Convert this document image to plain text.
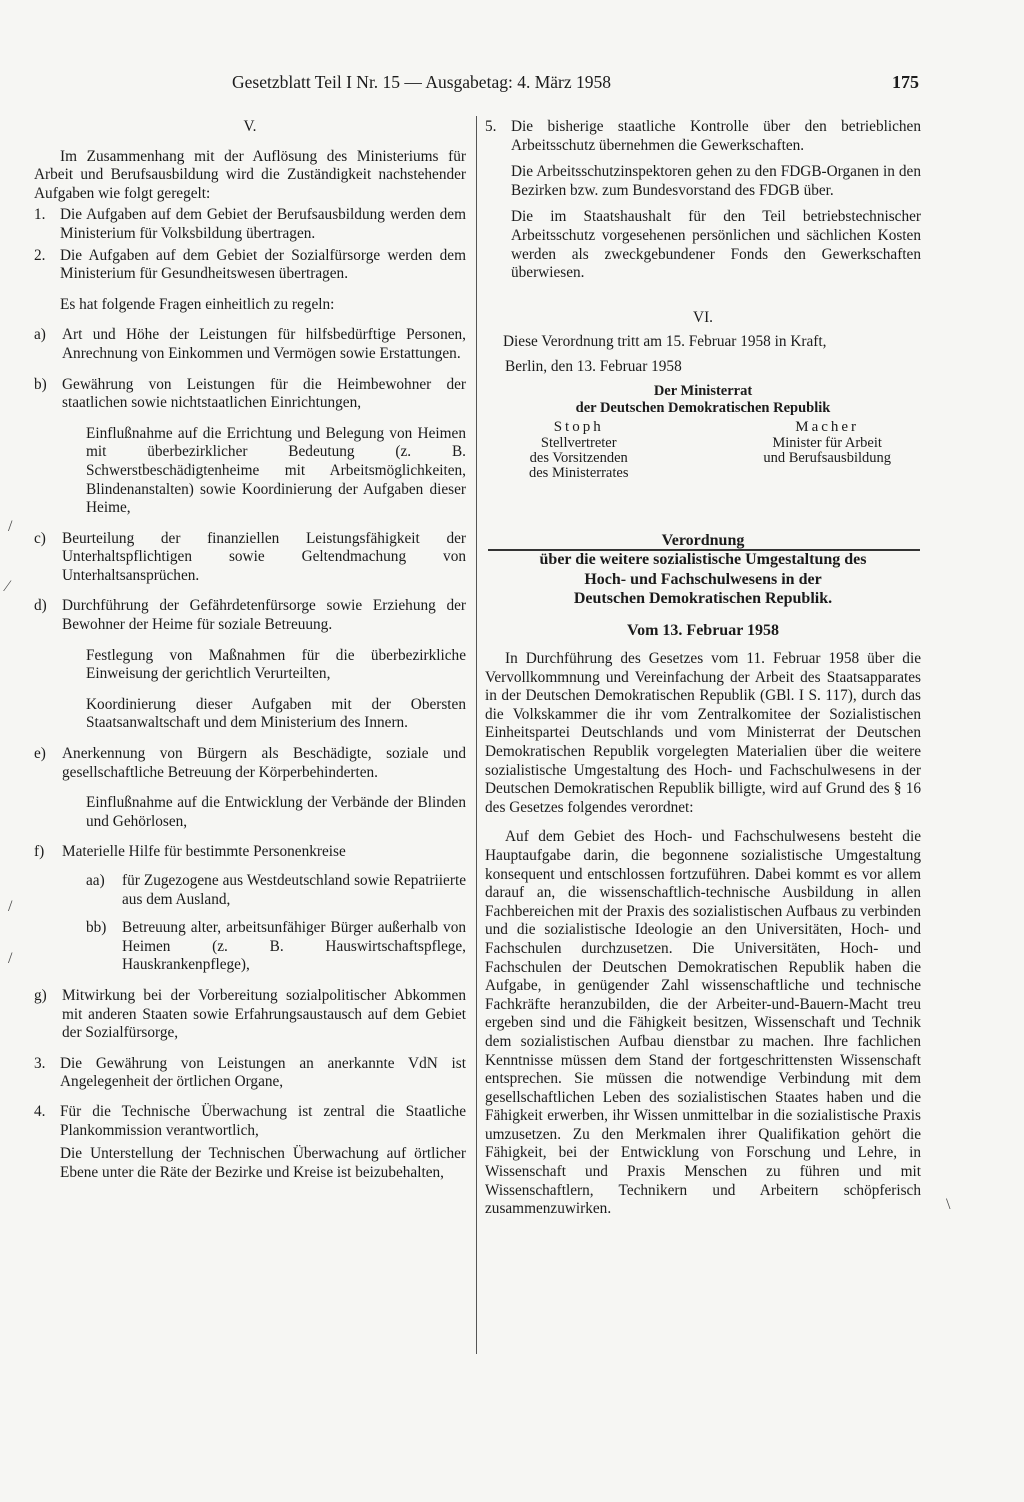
Gesetzblatt Teil I Nr. 15 — Ausgabetag: 4. März 1958	175
/
⁄
/
/
\

V.

Im Zusammenhang mit der Auflösung des Ministeriums für Arbeit und Berufsausbildung wird die Zuständigkeit nachstehender Aufgaben wie folgt geregelt:

1. Die Aufgaben auf dem Gebiet der Berufsausbildung werden dem Ministerium für Volksbildung übertragen.
2. Die Aufgaben auf dem Gebiet der Sozialfürsorge werden dem Ministerium für Gesundheitswesen übertragen.

Es hat folgende Fragen einheitlich zu regeln:

a)	Art und Höhe der Leistungen für hilfsbedürftige Personen, Anrechnung von Einkommen und Vermögen sowie Erstattungen.
b) Gewährung von Leistungen für die Heimbewohner der staatlichen sowie nichtstaatlichen Einrichtungen,

Einflußnahme auf die Errichtung und Belegung von Heimen mit überbezirklicher Bedeutung (z. B. Schwerstbeschädigtenheime mit Arbeitsmöglichkeiten, Blindenanstalten) sowie Koordinierung der Aufgaben dieser Heime,

c)	Beurteilung der finanziellen Leistungsfähigkeit der Unterhaltspflichtigen sowie Geltendmachung von Unterhaltsansprüchen.
d) Durchführung der Gefährdetenfürsorge sowie Erziehung der Bewohner der Heime für soziale Betreuung.

Festlegung von Maßnahmen für die überbezirkliche Einweisung der gerichtlich Verurteilten,

Koordinierung dieser Aufgaben mit der Obersten Staatsanwaltschaft und dem Ministerium des Innern.

e)	Anerkennung von Bürgern als Beschädigte, soziale und gesellschaftliche Betreuung der Körperbehinderten.

Einflußnahme auf die Entwicklung der Verbände der Blinden und Gehörlosen,

f)	Materielle Hilfe für bestimmte Personenkreise
aa)	für Zugezogene aus Westdeutschland sowie Repatriierte aus dem Ausland,
bb)	Betreuung alter, arbeitsunfähiger Bürger außerhalb von Heimen (z. B. Hauswirtschaftspflege, Hauskrankenpflege),
g) Mitwirkung bei der Vorbereitung sozialpolitischer Abkommen mit anderen Staaten sowie Erfahrungsaustausch auf dem Gebiet der Sozialfürsorge,
3. Die Gewährung von Leistungen an anerkannte VdN ist Angelegenheit der örtlichen Organe,
4. Für die Technische Überwachung ist zentral die Staatliche Plankommission verantwortlich,

Die Unterstellung der Technischen Überwachung auf örtlicher Ebene unter die Räte der Bezirke und Kreise ist beizubehalten,

5. Die bisherige staatliche Kontrolle über den betrieblichen Arbeitsschutz übernehmen die Gewerkschaften.

Die Arbeitsschutzinspektoren gehen zu den FDGB-Organen in den Bezirken bzw. zum Bundesvorstand des FDGB über.

Die im Staatshaushalt für den Teil betriebstechnischer Arbeitsschutz vorgesehenen persönlichen und sächlichen Kosten werden als zweckgebundener Fonds den Gewerkschaften überwiesen.

VI.

Diese Verordnung tritt am 15. Februar 1958 in Kraft,

Berlin, den 13. Februar 1958

Der Ministerrat

der Deutschen Demokratischen Republik

Stoph
Stellvertreter
des Vorsitzenden
des Ministerrates
Macher
Minister für Arbeit
und Berufsausbildung

Verordnung

über die weitere sozialistische Umgestaltung des

Hoch- und Fachschulwesens in der

Deutschen Demokratischen Republik.

Vom 13. Februar 1958

In Durchführung des Gesetzes vom 11. Februar 1958 über die Vervollkommnung und Vereinfachung der Arbeit des Staatsapparates in der Deutschen Demokratischen Republik (GBl. I S. 117), durch das die Volkskammer die ihr vom Zentralkomitee der Sozialistischen Einheitspartei Deutschlands und vom Ministerrat der Deutschen Demokratischen Republik vorgelegten Materialien über die weitere sozialistische Umgestaltung des Hoch- und Fachschulwesens in der Deutschen Demokratischen Republik billigte, wird auf Grund des § 16 des Gesetzes folgendes verordnet:

Auf dem Gebiet des Hoch- und Fachschulwesens besteht die Hauptaufgabe darin, die begonnene sozialistische Umgestaltung konsequent und entschlossen fortzuführen. Dabei kommt es vor allem darauf an, die wissenschaftlich-technische Ausbildung in allen Fachbereichen mit der Praxis des sozialistischen Aufbaus zu verbinden und die sozialistische Ideologie an den Universitäten, Hoch- und Fachschulen durchzusetzen. Die Universitäten, Hoch- und Fachschulen der Deutschen Demokratischen Republik haben die Aufgabe, in genügender Zahl wissenschaftliche und technische Fachkräfte heranzubilden, die der Arbeiter-und-Bauern-Macht treu ergeben sind und die Fähigkeit besitzen, Wissenschaft und Technik dem sozialistischen Aufbau dienstbar zu machen. Ihre fachlichen Kenntnisse müssen dem Stand der fortgeschrittensten Wissenschaft entsprechen. Sie müssen die notwendige Verbindung mit dem gesellschaftlichen Leben des sozialistischen Staates haben und die Fähigkeit erwerben, ihr Wissen unmittelbar in die sozialistische Praxis umzusetzen. Zu den Merkmalen ihrer Qualifikation gehört die Fähigkeit, bei der Entwicklung von Forschung und Lehre, in Wissenschaft und Praxis Menschen zu führen und mit Wissenschaftlern, Technikern und Arbeitern schöpferisch zusammenzuwirken.
